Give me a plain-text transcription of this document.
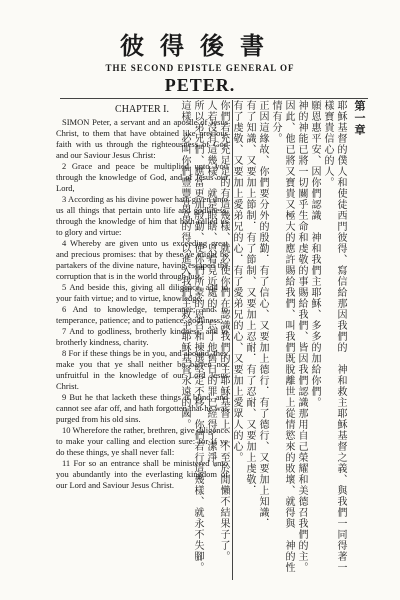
彼得後書
THE SECOND EPISTLE GENERAL OF
PETER.
CHAPTER I.

SIMON Peter, a servant and an apostle of Jesus Christ, to them that have obtained like precious faith with us through the righteousness of God and our Saviour Jesus Christ:

2 Grace and peace be multiplied unto you through the knowledge of God, and of Jesus our Lord,

3 According as his divine power hath given unto us all things that pertain unto life and godliness, through the knowledge of him that hath called us to glory and virtue:

4 Whereby are given unto us exceeding great and precious promises: that by these ye might be partakers of the divine nature, having escaped the corruption that is in the world through lust.

5 And beside this, giving all diligence, add to your faith virtue; and to virtue, knowledge;

6 And to knowledge, temperance; and to temperance, patience; and to patience, godliness;

7 And to godliness, brotherly kindness; and to brotherly kindness, charity.

8 For if these things be in you, and abound, they make you that ye shall neither be barren nor unfruitful in the knowledge of our Lord Jesus Christ.

9 But he that lacketh these things is blind, and cannot see afar off, and hath forgotten that he was purged from his old sins.

10 Wherefore the rather, brethren, give diligence to make your calling and election sure: for if ye do these things, ye shall never fall:

11 For so an entrance shall be ministered unto you abundantly into the everlasting kingdom of our Lord and Saviour Jesus Christ.

第一章
耶穌基督的僕人和使徒西門彼得、寫信給那因我們的　神和救主耶穌基督之義、與我們一同得著一樣寶貴信心的人。
願恩惠平安、因你們認識　神和我們主耶穌、多多的加給你們。
神的神能已將一切關乎生命和虔敬的事賜給我們、皆因我們認識那用自己榮耀和美德召我們的主。
因此、他已將又寶貴又極大的應許賜給我們、叫我們既脫離世上從情慾來的敗壞、就得與　神的性情有分。
正因這緣故、你們要分外的殷勤．有了信心、又要加上德行．有了德行、又要加上知識．
有了知識、又要加上節制．有了節制、又要加上忍耐．有了忍耐、又要加上虔敬．
有了虔敬、又要加上愛弟兄的心．有了愛弟兄的心、又要加上愛眾人的心。
你們若充充足足的有這幾樣、就必使你們在認識我們的主耶穌基督上、不至於閒懶不結果子了。
人若沒有這幾樣、就是眼瞎、只看見近處的、忘了他舊日的罪已經得了潔淨。
所以弟兄們、應當更加殷勤、使你們所蒙的恩召和揀選堅定不移．你們若行這幾樣、就永不失腳。
這樣、必叫你們豐豐富富的得以進入我們主救主耶穌基督永遠的國。
